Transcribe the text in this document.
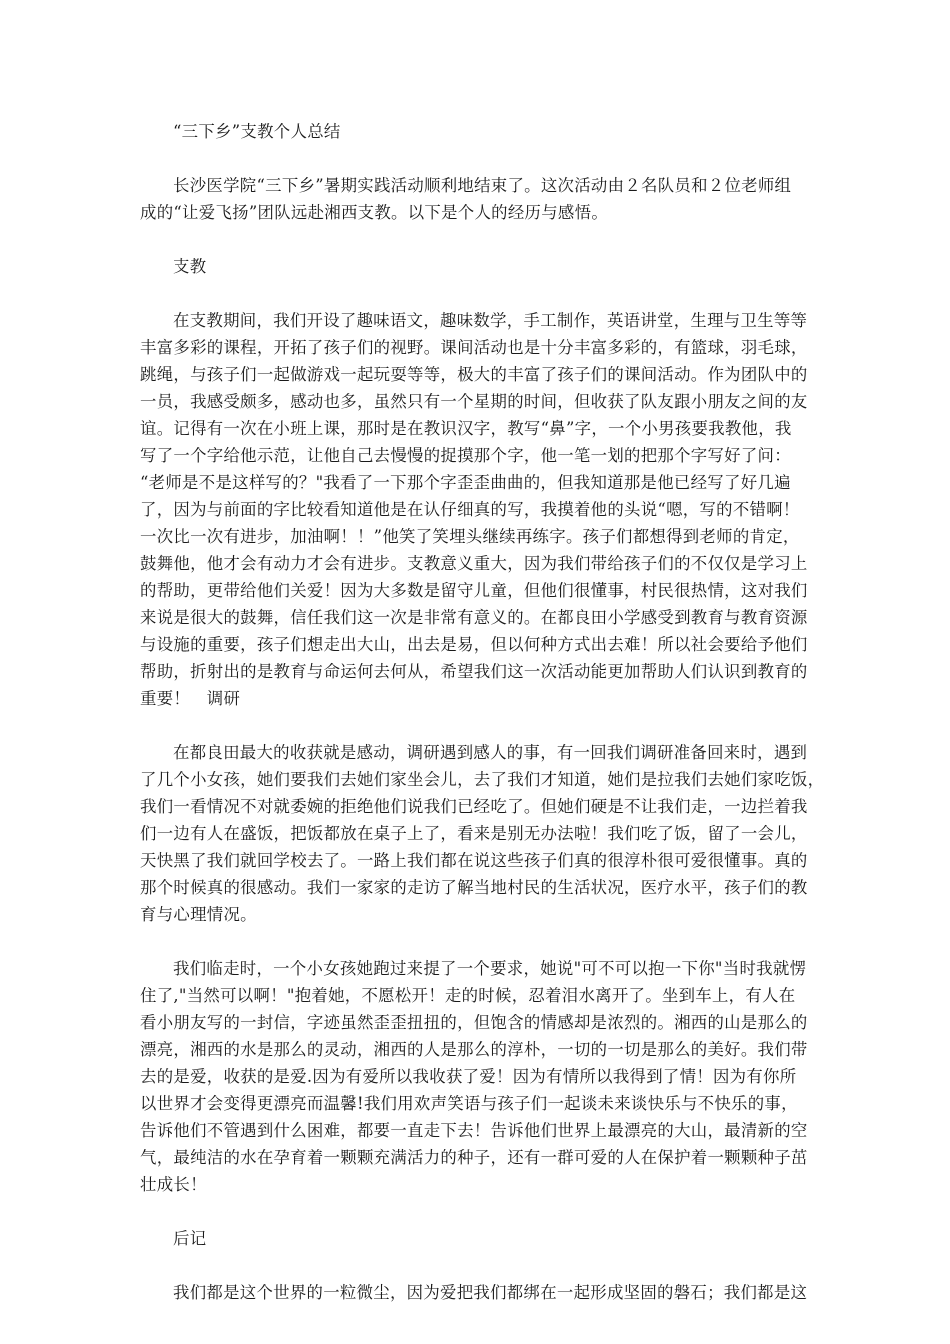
“三下乡”支教个人总结
长沙医学院“三下乡”暑期实践活动顺利地结束了。这次活动由２名队员和２位老师组
成的“让爱飞扬”团队远赴湘西支教。以下是个人的经历与感悟。
支教
在支教期间，我们开设了趣味语文，趣味数学，手工制作，英语讲堂，生理与卫生等等
丰富多彩的课程，开拓了孩子们的视野。课间活动也是十分丰富多彩的，有篮球，羽毛球，
跳绳，与孩子们一起做游戏一起玩耍等等，极大的丰富了孩子们的课间活动。作为团队中的
一员，我感受颇多，感动也多，虽然只有一个星期的时间，但收获了队友跟小朋友之间的友
谊。记得有一次在小班上课，那时是在教识汉字，教写“鼻”字，一个小男孩要我教他，我
写了一个字给他示范，让他自己去慢慢的捉摸那个字，他一笔一划的把那个字写好了问：
“老师是不是这样写的？"我看了一下那个字歪歪曲曲的，但我知道那是他已经写了好几遍
了，因为与前面的字比较看知道他是在认仔细真的写，我摸着他的头说“嗯，写的不错啊！
一次比一次有进步，加油啊！！”他笑了笑埋头继续再练字。孩子们都想得到老师的肯定，
鼓舞他，他才会有动力才会有进步。支教意义重大，因为我们带给孩子们的不仅仅是学习上
的帮助，更带给他们关爱！因为大多数是留守儿童，但他们很懂事，村民很热情，这对我们
来说是很大的鼓舞，信任我们这一次是非常有意义的。在都良田小学感受到教育与教育资源
与设施的重要，孩子们想走出大山，出去是易，但以何种方式出去难！所以社会要给予他们
帮助，折射出的是教育与命运何去何从，希望我们这一次活动能更加帮助人们认识到教育的
重要！　调研
在都良田最大的收获就是感动，调研遇到感人的事，有一回我们调研准备回来时，遇到
了几个小女孩，她们要我们去她们家坐会儿，去了我们才知道，她们是拉我们去她们家吃饭，
我们一看情况不对就委婉的拒绝他们说我们已经吃了。但她们硬是不让我们走，一边拦着我
们一边有人在盛饭，把饭都放在桌子上了，看来是别无办法啦！我们吃了饭，留了一会儿，
天快黑了我们就回学校去了。一路上我们都在说这些孩子们真的很淳朴很可爱很懂事。真的
那个时候真的很感动。我们一家家的走访了解当地村民的生活状况，医疗水平，孩子们的教
育与心理情况。
我们临走时，一个小女孩她跑过来提了一个要求，她说"可不可以抱一下你"当时我就愣
住了,"当然可以啊！"抱着她，不愿松开！走的时候，忍着泪水离开了。坐到车上，有人在
看小朋友写的一封信，字迹虽然歪歪扭扭的，但饱含的情感却是浓烈的。湘西的山是那么的
漂亮，湘西的水是那么的灵动，湘西的人是那么的淳朴，一切的一切是那么的美好。我们带
去的是爱，收获的是爱.因为有爱所以我收获了爱！因为有情所以我得到了情！因为有你所
以世界才会变得更漂亮而温馨!我们用欢声笑语与孩子们一起谈未来谈快乐与不快乐的事，
告诉他们不管遇到什么困难，都要一直走下去！告诉他们世界上最漂亮的大山，最清新的空
气，最纯洁的水在孕育着一颗颗充满活力的种子，还有一群可爱的人在保护着一颗颗种子茁
壮成长！
后记
我们都是这个世界的一粒微尘，因为爱把我们都绑在一起形成坚固的磐石；我们都是这
